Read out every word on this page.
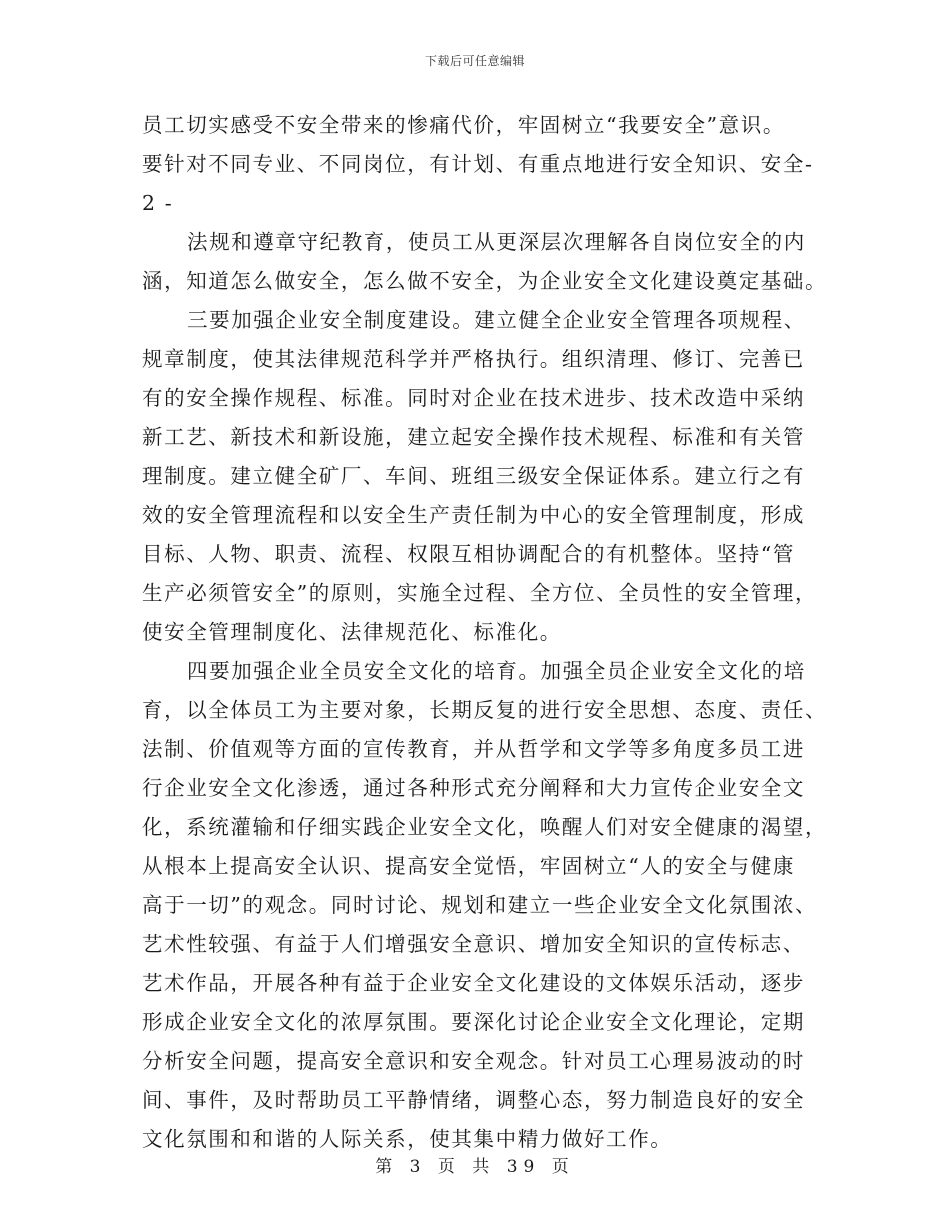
下载后可任意编辑
员工切实感受不安全带来的惨痛代价，牢固树立“我要安全”意识。
要针对不同专业、不同岗位，有计划、有重点地进行安全知识、安全-
2 -
法规和遵章守纪教育，使员工从更深层次理解各自岗位安全的内
涵，知道怎么做安全，怎么做不安全，为企业安全文化建设奠定基础。
三要加强企业安全制度建设。建立健全企业安全管理各项规程、
规章制度，使其法律规范科学并严格执行。组织清理、修订、完善已
有的安全操作规程、标准。同时对企业在技术进步、技术改造中采纳
新工艺、新技术和新设施，建立起安全操作技术规程、标准和有关管
理制度。建立健全矿厂、车间、班组三级安全保证体系。建立行之有
效的安全管理流程和以安全生产责任制为中心的安全管理制度，形成
目标、人物、职责、流程、权限互相协调配合的有机整体。坚持“管
生产必须管安全”的原则，实施全过程、全方位、全员性的安全管理，
使安全管理制度化、法律规范化、标准化。
四要加强企业全员安全文化的培育。加强全员企业安全文化的培
育，以全体员工为主要对象，长期反复的进行安全思想、态度、责任、
法制、价值观等方面的宣传教育，并从哲学和文学等多角度多员工进
行企业安全文化渗透，通过各种形式充分阐释和大力宣传企业安全文
化，系统灌输和仔细实践企业安全文化，唤醒人们对安全健康的渴望，
从根本上提高安全认识、提高安全觉悟，牢固树立“人的安全与健康
高于一切”的观念。同时讨论、规划和建立一些企业安全文化氛围浓、
艺术性较强、有益于人们增强安全意识、增加安全知识的宣传标志、
艺术作品，开展各种有益于企业安全文化建设的文体娱乐活动，逐步
形成企业安全文化的浓厚氛围。要深化讨论企业安全文化理论，定期
分析安全问题，提高安全意识和安全观念。针对员工心理易波动的时
间、事件，及时帮助员工平静情绪，调整心态，努力制造良好的安全
文化氛围和和谐的人际关系，使其集中精力做好工作。
第 3 页 共 39 页
